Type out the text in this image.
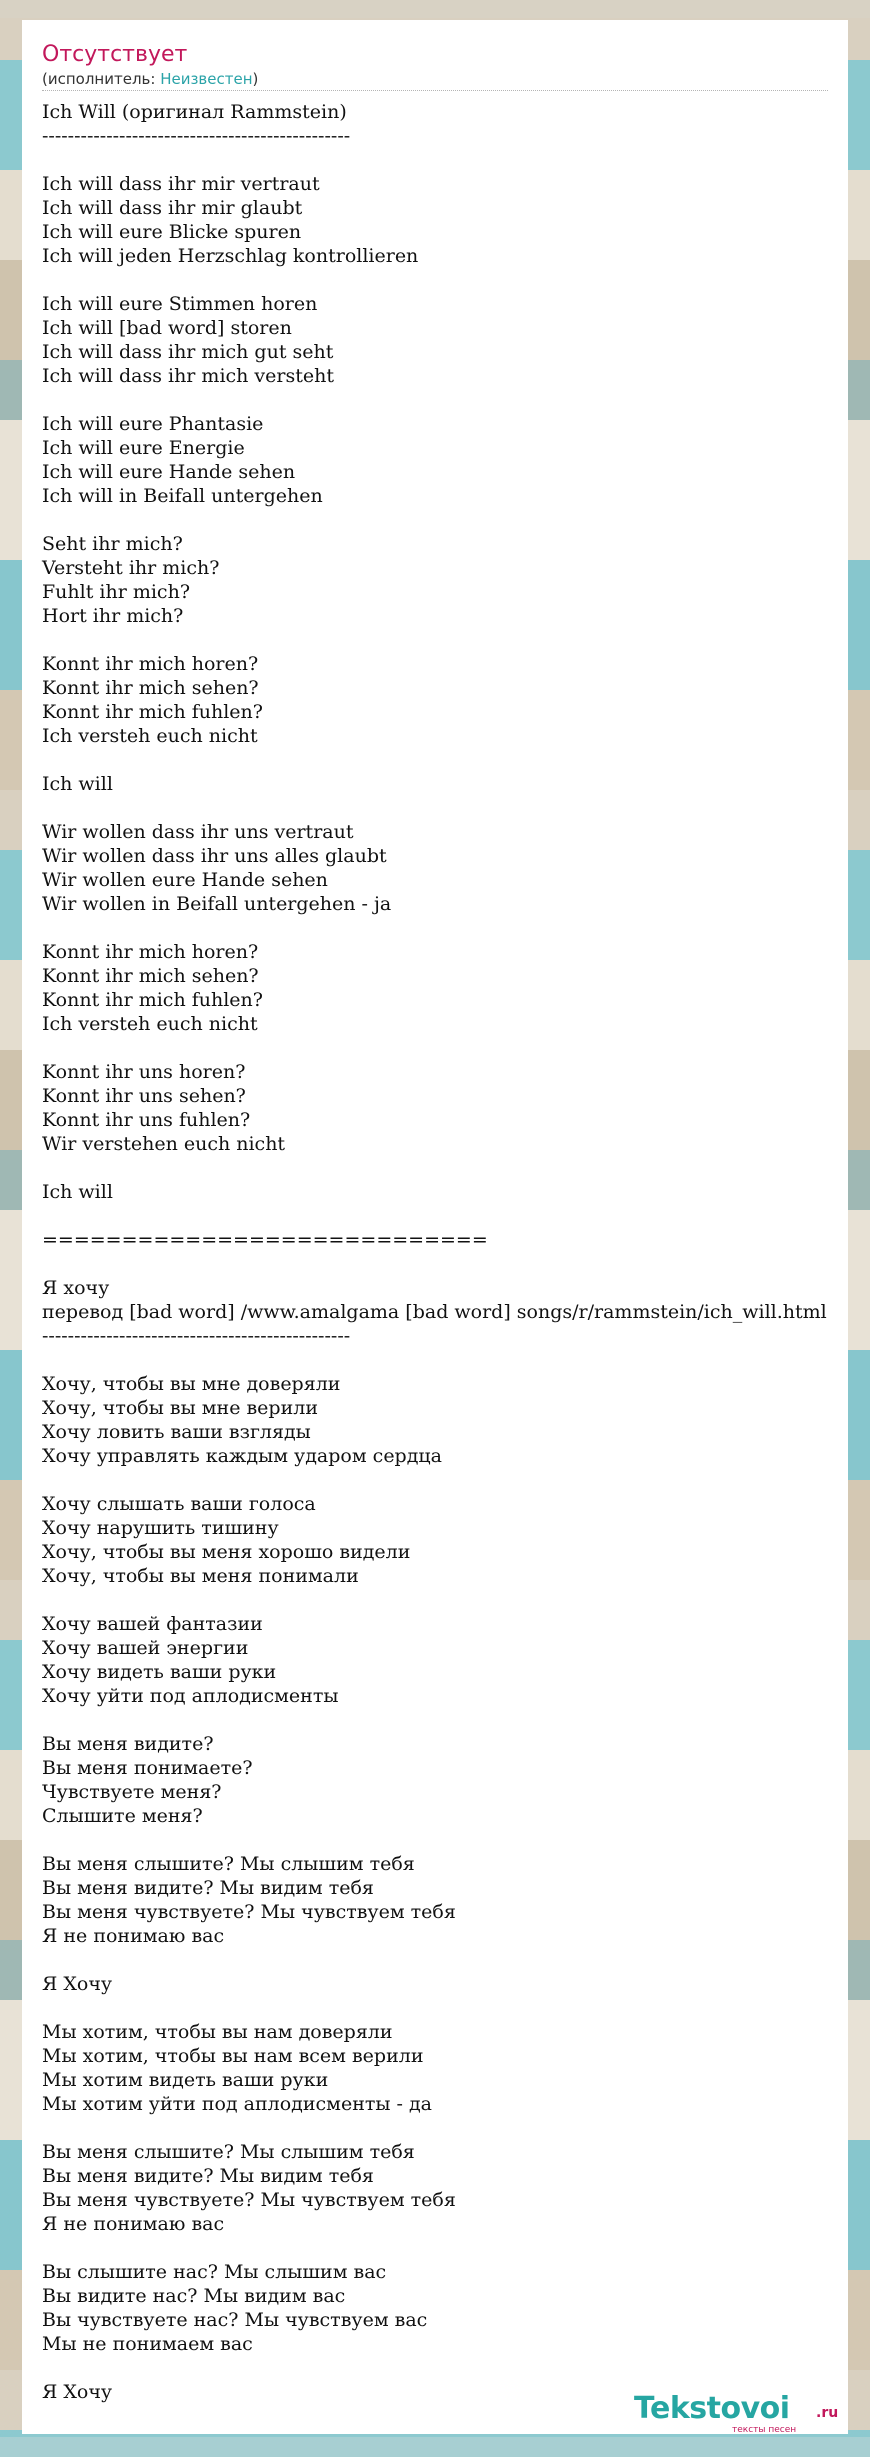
Отсутствует
(исполнитель: Неизвестен)
Ich Will (оригинал Rammstein)
------------------------------------------------

Ich will dass ihr mir vertraut
Ich will dass ihr mir glaubt
Ich will eure Blicke spuren
Ich will jeden Herzschlag kontrollieren

Ich will eure Stimmen horen
Ich will [bad word] storen
Ich will dass ihr mich gut seht
Ich will dass ihr mich versteht

Ich will eure Phantasie
Ich will eure Energie
Ich will eure Hande sehen
Ich will in Beifall untergehen

Seht ihr mich?
Versteht ihr mich?
Fuhlt ihr mich?
Hort ihr mich?

Konnt ihr mich horen?
Konnt ihr mich sehen?
Konnt ihr mich fuhlen?
Ich versteh euch nicht

Ich will

Wir wollen dass ihr uns vertraut
Wir wollen dass ihr uns alles glaubt
Wir wollen eure Hande sehen
Wir wollen in Beifall untergehen - ja

Konnt ihr mich horen?
Konnt ihr mich sehen?
Konnt ihr mich fuhlen?
Ich versteh euch nicht

Konnt ihr uns horen?
Konnt ihr uns sehen?
Konnt ihr uns fuhlen?
Wir verstehen euch nicht

Ich will

============================

Я хочу
перевод [bad word] /www.amalgama [bad word] songs/r/rammstein/ich_will.html
------------------------------------------------

Хочу, чтобы вы мне доверяли
Хочу, чтобы вы мне верили
Хочу ловить ваши взгляды
Хочу управлять каждым ударом сердца

Хочу слышать ваши голоса
Хочу нарушить тишину
Хочу, чтобы вы меня хорошо видели
Хочу, чтобы вы меня понимали

Хочу вашей фантазии
Хочу вашей энергии
Хочу видеть ваши руки
Хочу уйти под аплодисменты

Вы меня видите?
Вы меня понимаете?
Чувствуете меня?
Слышите меня?

Вы меня слышите? Мы слышим тебя
Вы меня видите? Мы видим тебя
Вы меня чувствуете? Мы чувствуем тебя
Я не понимаю вас

Я Хочу

Мы хотим, чтобы вы нам доверяли
Мы хотим, чтобы вы нам всем верили
Мы хотим видеть ваши руки
Мы хотим уйти под аплодисменты - да

Вы меня слышите? Мы слышим тебя
Вы меня видите? Мы видим тебя
Вы меня чувствуете? Мы чувствуем тебя
Я не понимаю вас

Вы слышите нас? Мы слышим вас
Вы видите нас? Мы видим вас
Вы чувствуете нас? Мы чувствуем вас
Мы не понимаем вас

Я Хочу	Tekstovoi .ru
тексты песен
